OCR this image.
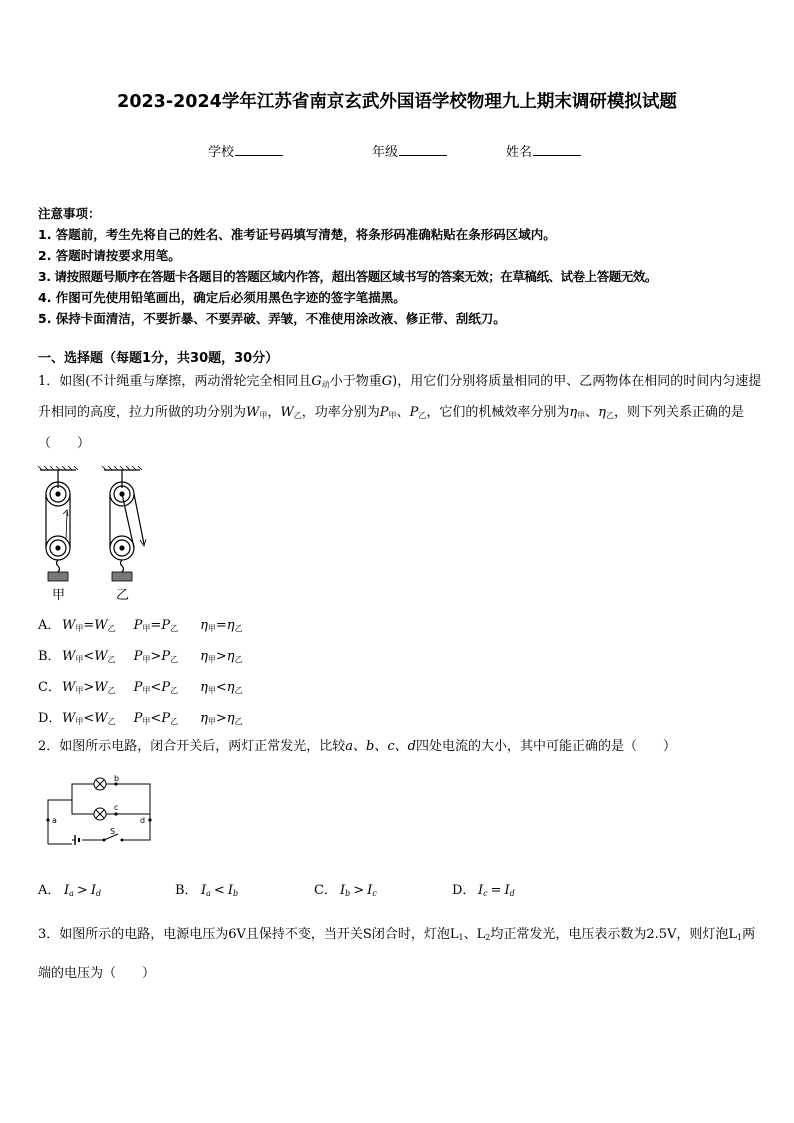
2023-2024学年江苏省南京玄武外国语学校物理九上期末调研模拟试题
学校	年级	姓名
注意事项：
1. 答题前，考生先将自己的姓名、准考证号码填写清楚，将条形码准确粘贴在条形码区域内。
2. 答题时请按要求用笔。
3. 请按照题号顺序在答题卡各题目的答题区域内作答，超出答题区域书写的答案无效；在草稿纸、试卷上答题无效。
4. 作图可先使用铅笔画出，确定后必须用黑色字迹的签字笔描黑。
5. 保持卡面清洁，不要折暴、不要弄破、弄皱，不准使用涂改液、修正带、刮纸刀。
一、选择题（每题1分，共30题，30分）
1．如图(不计绳重与摩擦，两动滑轮完全相同且$G_动$小于物重G)，用它们分别将质量相同的甲、乙两物体在相同的时间内匀速提升相同的高度，拉力所做的功分别为$W_甲$，$W_乙$，功率分别为$P_甲$、$P_乙$，它们的机械效率分别为$\eta_甲$、$\eta_乙$，则下列关系正确的是（　　）
甲	乙
A． W甲=W乙 P甲=P乙 η甲=η乙
B．W甲<W乙 P甲>P乙 η甲>η乙
C．W甲>W乙 P甲<P乙 η甲<η乙
D．W甲<W乙 P甲<P乙 η甲>η乙
2．如图所示电路，闭合开关后，两灯正常发光，比较a、b、c、d四处电流的大小，其中可能正确的是（　　）
a
b
c
d
S
A． $I_a > I_d$	B． $I_a < I_b$	C． $I_b > I_c$	D． $I_c = I_d$
3．如图所示的电路，电源电压为6V且保持不变，当开关S闭合时，灯泡$L_1$、$L_2$均正常发光，电压表示数为2.5V，则灯泡$L_1$两端的电压为（　　）
